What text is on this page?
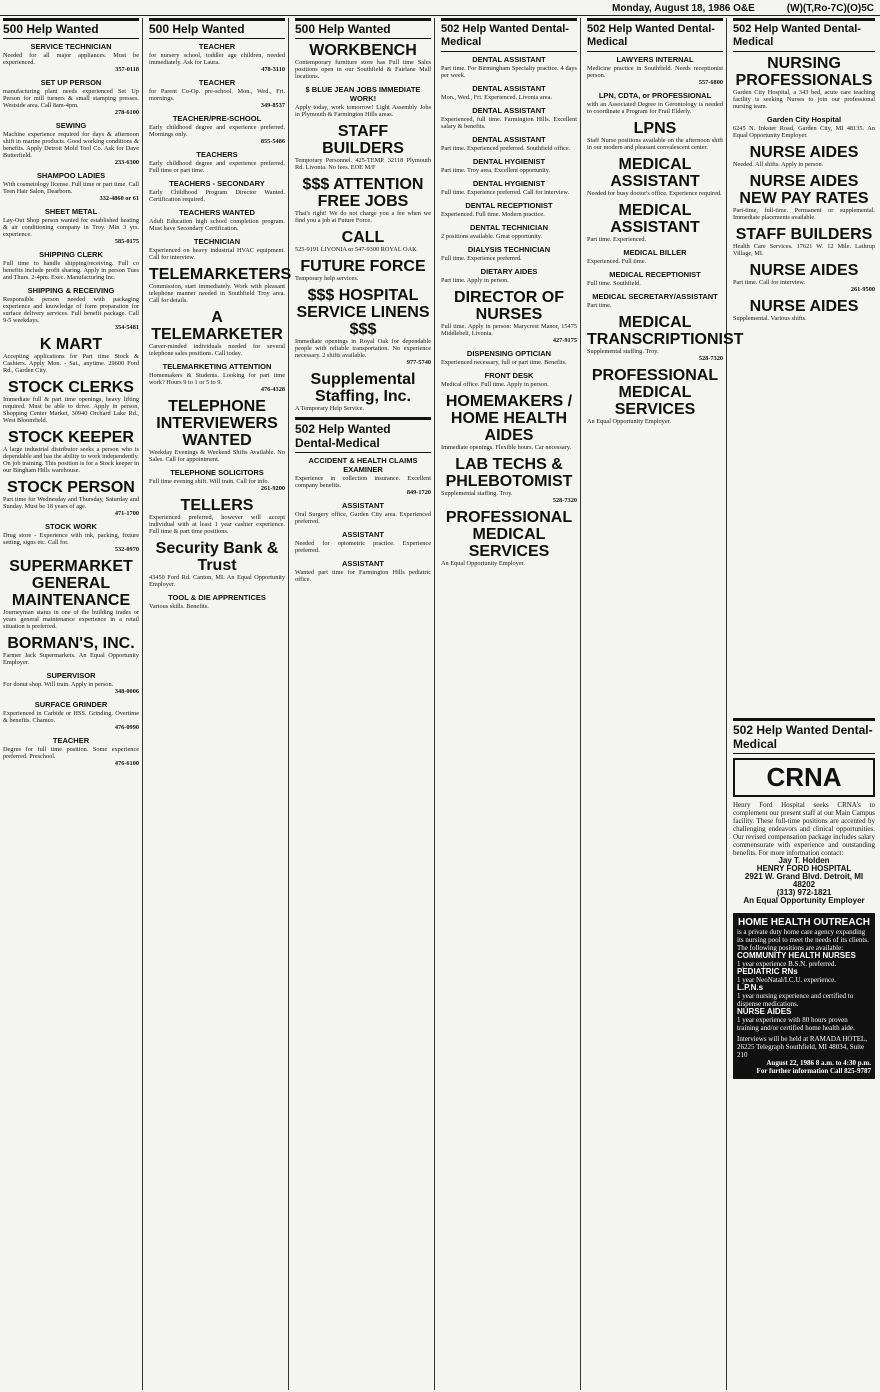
Monday, August 18, 1986 O&E	(W)(T,Ro-7C)(O)5C
500 Help Wanted
SERVICE TECHNICIAN
Needed for all major appliances. Must be experienced.
357-0118
SET UP PERSON
manufacturing plant needs experienced Set Up Person for mill turners & small stamping presses. Westside area. Call 8am-4pm.
278-6100
SEWING
Machine experience required for days & afternoon shift in marine products. Good working conditions & benefits. Apply Detroit Mold Tool Co. Ask for Dave Butterfield.
233-6300
SHAMPOO LADIES
With cosmetology license. Full time or part time. Call Teen Hair Salon, Dearborn.
332-4860 or 61
SHEET METAL
Lay-Out Shop person wanted for established heating & air conditioning company in Troy. Min 3 yrs. experience.
585-0175
SHIPPING CLERK
Full time to handle shipping/receiving. Full co benefits include profit sharing. Apply in person Tues and Thurs. 2-4pm. Exec. Manufacturing Inc.
SHIPPING & RECEIVING
Responsible person needed with packaging experience and knowledge of form preparation for surface delivery services. Full benefit package. Call 9-5 weekdays.
354-5481
K MART
Accepting applications for Part time Stock & Cashiers. Apply Mon. - Sat., anytime. 29600 Ford Rd., Garden City.
STOCK CLERKS
Immediate full & part time openings, heavy lifting required. Must be able to drive. Apply in person, Shopping Center Market, 30940 Orchard Lake Rd., West Bloomfield.
STOCK KEEPER
A large industrial distributor seeks a person who is dependable and has the ability to work independently. On job training. This position is for a Stock keeper in our Bingham Hills warehouse.
STOCK PERSON
Part time for Wednesday and Thursday, Saturday and Sunday. Must be 18 years of age.
471-1700
STOCK WORK
Drug store - Experience with ink, packing, fixture setting, signs etc. Call for.
532-0970
SUPERMARKET GENERAL MAINTENANCE
Journeyman status in one of the building trades or years general maintenance experience in a retail situation is preferred.
BORMAN'S, INC.
Farmer Jack Supermarkets. An Equal Opportunity Employer.
SUPERVISOR
For donut shop. Will train. Apply in person.
348-0006
SURFACE GRINDER
Experienced in Carbide or HSS. Grinding. Overtime & benefits. Chamco.
476-0990
TEACHER
Degree for full time position. Some experience preferred. Preschool.
476-6100
500 Help Wanted
TEACHER
for nursery school, toddler age children, needed immediately. Ask for Laura.
478-3110
TEACHER
for Parent Co-Op. pre-school. Mon., Wed., Fri. mornings.
349-8537
TEACHER/PRE-SCHOOL
Early childhood degree and experience preferred. Mornings only.
855-5486
TEACHERS
Early childhood degree and experience preferred. Full time or part time.
TEACHERS - SECONDARY
Early Childhood Program Director Wanted. Certification required.
TEACHERS WANTED
Adult Education high school completion program. Must have Secondary Certification.
TECHNICIAN
Experienced on heavy industrial HVAC equipment. Call for interview.
TELEMARKETERS
Commission, start immediately. Work with pleasant telephone manner needed in Southfield Troy area. Call for details.
A TELEMARKETER
Career-minded individuals needed for several telephone sales positions. Call today.
TELEMARKETING ATTENTION
Homemakers & Students. Looking for part time work? Hours 9 to 1 or 5 to 9.
476-4328
TELEPHONE INTERVIEWERS WANTED
Weekday Evenings & Weekend Shifts Available. No Sales. Call for appointment.
TELEPHONE SOLICITORS
Full time evening shift. Will train. Call for info.
261-9200
TELLERS
Experienced preferred, however will accept individual with at least 1 year cashier experience. Full time & part time positions.
Security Bank & Trust
43450 Ford Rd. Canton, MI. An Equal Opportunity Employer.
TOOL & DIE APPRENTICES
Various skills. Benefits.
500 Help Wanted
WORKBENCH
Contemporary furniture store has Full time Sales positions open in our Southfield & Fairlane Mall locations.
$ BLUE JEAN JOBS IMMEDIATE WORK!
Apply today, work tomorrow! Light Assembly Jobs in Plymouth & Farmington Hills areas.
STAFF BUILDERS
Temporary Personnel. 425-TEMP. 32118 Plymouth Rd. Livonia. No fees. EOE M/F
$$$ ATTENTION FREE JOBS
That's right! We do not charge you a fee when we find you a job at Future Force.
CALL
525-9191 LIVONIA or 547-9300 ROYAL OAK
FUTURE FORCE
Temporary help services.
$$$ HOSPITAL SERVICE LINENS $$$
Immediate openings in Royal Oak for dependable people with reliable transportation. No experience necessary. 2 shifts available.
977-5740
Supplemental Staffing, Inc.
A Temporary Help Service.
502 Help Wanted Dental-Medical
ACCIDENT & HEALTH CLAIMS EXAMINER
Experience in collection insurance. Excellent company benefits.
849-1720
ASSISTANT
Oral Surgery office, Garden City area. Experienced preferred.
ASSISTANT
Needed for optometric practice. Experience preferred.
ASSISTANT
Wanted part time for Farmington Hills pediatric office.
502 Help Wanted Dental-Medical
DENTAL ASSISTANT
Part time. For Birmingham Specialty practice. 4 days per week.
DENTAL ASSISTANT
Mon., Wed., Fri. Experienced. Livonia area.
DENTAL ASSISTANT
Experienced, full time. Farmington Hills. Excellent salary & benefits.
DENTAL ASSISTANT
Part time. Experienced preferred. Southfield office.
DENTAL HYGIENIST
Part time. Troy area. Excellent opportunity.
DENTAL HYGIENIST
Full time. Experience preferred. Call for interview.
DENTAL RECEPTIONIST
Experienced. Full time. Modern practice.
DENTAL TECHNICIAN
2 positions available. Great opportunity.
DIALYSIS TECHNICIAN
Full time. Experience preferred.
DIETARY AIDES
Part time. Apply in person.
DIRECTOR OF NURSES
Full time. Apply in person: Marycrest Manor, 15475 Middlebelt, Livonia.
427-9175
DISPENSING OPTICIAN
Experienced necessary, full or part time. Benefits.
FRONT DESK
Medical office. Full time. Apply in person.
HOMEMAKERS / HOME HEALTH AIDES
Immediate openings. Flexible hours. Car necessary.
LAB TECHS & PHLEBOTOMIST
Supplemental staffing. Troy.
528-7320
PROFESSIONAL MEDICAL SERVICES
An Equal Opportunity Employer.
502 Help Wanted Dental-Medical
LAWYERS INTERNAL
Medicine practice in Southfield. Needs receptionist person.
557-6800
LPN, CDTA, or PROFESSIONAL
with an Associated Degree in Gerontology is needed to coordinate a Program for Frail Elderly.
LPNS
Staff Nurse positions available on the afternoon shift in our modern and pleasant convalescent center.
MEDICAL ASSISTANT
Needed for busy doctor's office. Experience required.
MEDICAL ASSISTANT
Part time. Experienced.
MEDICAL BILLER
Experienced. Full time.
MEDICAL RECEPTIONIST
Full time. Southfield.
MEDICAL SECRETARY/ASSISTANT
Part time.
MEDICAL TRANSCRIPTIONIST
Supplemental staffing. Troy.
528-7320
PROFESSIONAL MEDICAL SERVICES
An Equal Opportunity Employer.
502 Help Wanted Dental-Medical
NURSING PROFESSIONALS
Garden City Hospital, a 343 bed, acute care teaching facility is seeking Nurses to join our professional nursing team.
Garden City Hospital
6245 N. Inkster Road, Garden City, MI 48135. An Equal Opportunity Employer.
NURSE AIDES
Needed. All shifts. Apply in person.
NURSE AIDES NEW PAY RATES
Part-time, full-time. Permanent or supplemental. Immediate placements available.
STAFF BUILDERS
Health Care Services. 17621 W. 12 Mile. Lathrup Village, MI.
NURSE AIDES
Part time. Call for interview.
261-9500
NURSE AIDES
Supplemental. Various shifts.
502 Help Wanted Dental-Medical
CRNA
Henry Ford Hospital seeks CRNA's to complement our present staff at our Main Campus facility. These full-time positions are accented by challenging endeavors and clinical opportunities. Our revised compensation package includes salary commensurate with experience and outstanding benefits. For more information contact:
Jay T. Holden
HENRY FORD HOSPITAL
2921 W. Grand Blvd. Detroit, MI 48202
(313) 972-1821
An Equal Opportunity Employer
HOME HEALTH OUTREACH
is a private duty home care agency expanding its nursing pool to meet the needs of its clients. The following positions are available:
COMMUNITY HEALTH NURSES
1 year experience B.S.N. preferred.
PEDIATRIC RNs
1 year NeoNatal/I.C.U. experience.
L.P.N.s
1 year nursing experience and certified to dispense medications.
NURSE AIDES
1 year experience with 80 hours proven training and/or certified home health aide.
Interviews will be held at RAMADA HOTEL, 26225 Telegraph Southfield, MI 48034, Suite 210
August 22, 1986 8 a.m. to 4:30 p.m.
For further information Call 825-9787
